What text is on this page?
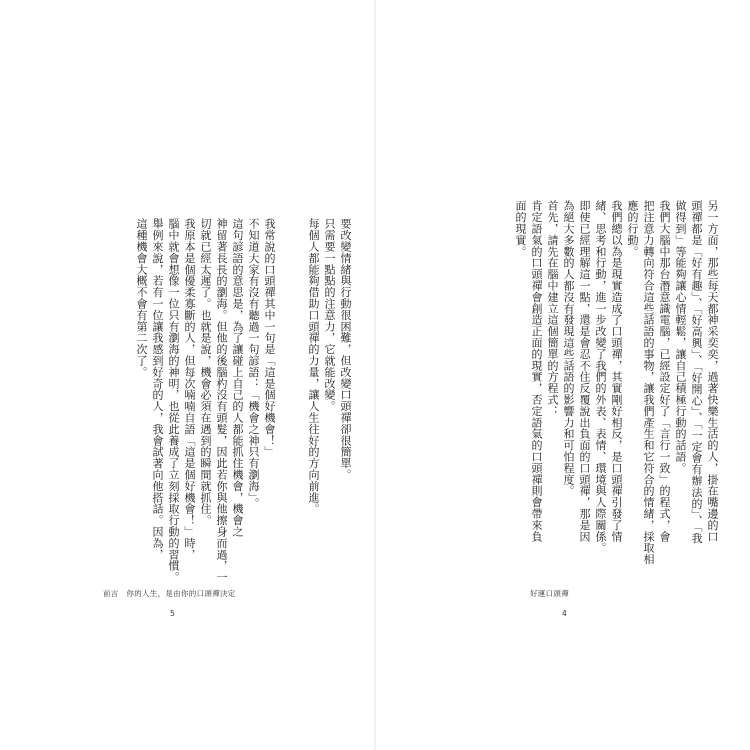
要改變情緒與行動很困難，但改變口頭禪卻很簡單。

只需要一點點的注意力，它就能改變。

每個人都能夠借助口頭禪的力量，讓人生往好的方向前進。

我常說的口頭禪其中一句是「這是個好機會！」

不知道大家有沒有聽過一句諺語：「機會之神只有瀏海」。

這句諺語的意思是，為了讓碰上自己的人都能抓住機會，機會之

神留著長長的瀏海。但他的後腦杓沒有頭髮，因此若你與他擦身而過，一

切就已經太遲了。也就是說，機會必須在遇到的瞬間就抓住。

我原本是個優柔寡斷的人，但每次喃喃自語「這是個好機會！」時，

腦中就會想像一位只有瀏海的神明，也從此養成了立刻採取行動的習慣。

舉例來說，若有一位讓我感到好奇的人，我會試著向他搭話。因為，

這種機會大概不會有第二次了。

前言　你的人生，是由你的口頭禪決定
5

另一方面，那些每天都神采奕奕，過著快樂生活的人，掛在嘴邊的口

頭禪都是「好有趣」、「好高興」、「好開心」、「一定會有辦法的」、「我

做得到」等能夠讓心情輕鬆，讓自己積極行動的話語。

我們大腦中那台潛意識電腦，已經設定好了「言行一致」的程式，會

把注意力轉向符合這些話語的事物，讓我們產生和它符合的情緒，採取相

應的行動。

我們總以為是現實造成了口頭禪，其實剛好相反，是口頭禪引發了情

緒、思考和行動，進一步改變了我們的外表、表情、環境與人際關係。

即使已經理解這一點，還是會忍不住反覆說出負面的口頭禪，那是因

為絕大多數的人都沒有發現這些話語的影響力和可怕程度。

首先，請先在腦中建立這個簡單的方程式：

肯定語氣的口頭禪會創造正面的現實，否定語氣的口頭禪則會帶來負

面的現實。

好運口頭禪
4
